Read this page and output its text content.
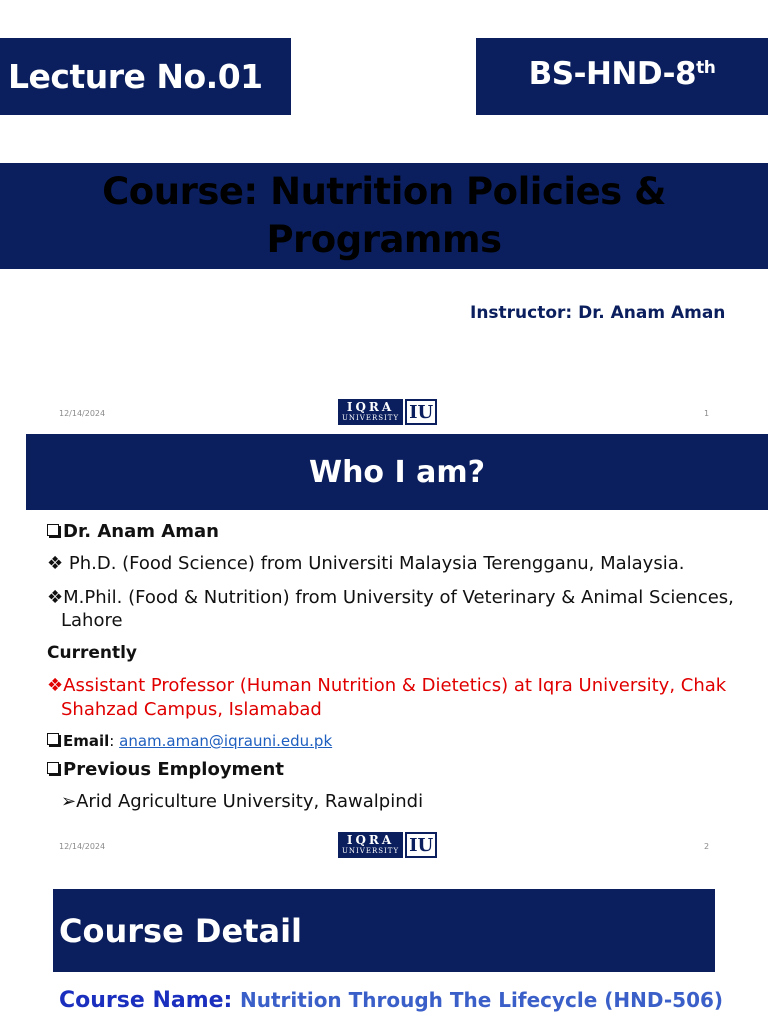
Lecture No.01	BS-HND-8th
Course: Nutrition Policies & Programms
Instructor: Dr. Anam Aman
12/14/2024	IQRA
UNIVERSITY IU	1
Who I am?
Dr. Anam Aman
❖ Ph.D. (Food Science) from Universiti Malaysia Terengganu, Malaysia.
❖M.Phil. (Food & Nutrition) from University of Veterinary & Animal Sciences,
Lahore
Currently
❖Assistant Professor (Human Nutrition & Dietetics) at Iqra University, Chak
Shahzad Campus, Islamabad
Email: anam.aman@iqrauni.edu.pk
Previous Employment
➢Arid Agriculture University, Rawalpindi
12/14/2024	IQRA
UNIVERSITY IU	2
Course Detail
Course Name: Nutrition Through The Lifecycle (HND-506)
